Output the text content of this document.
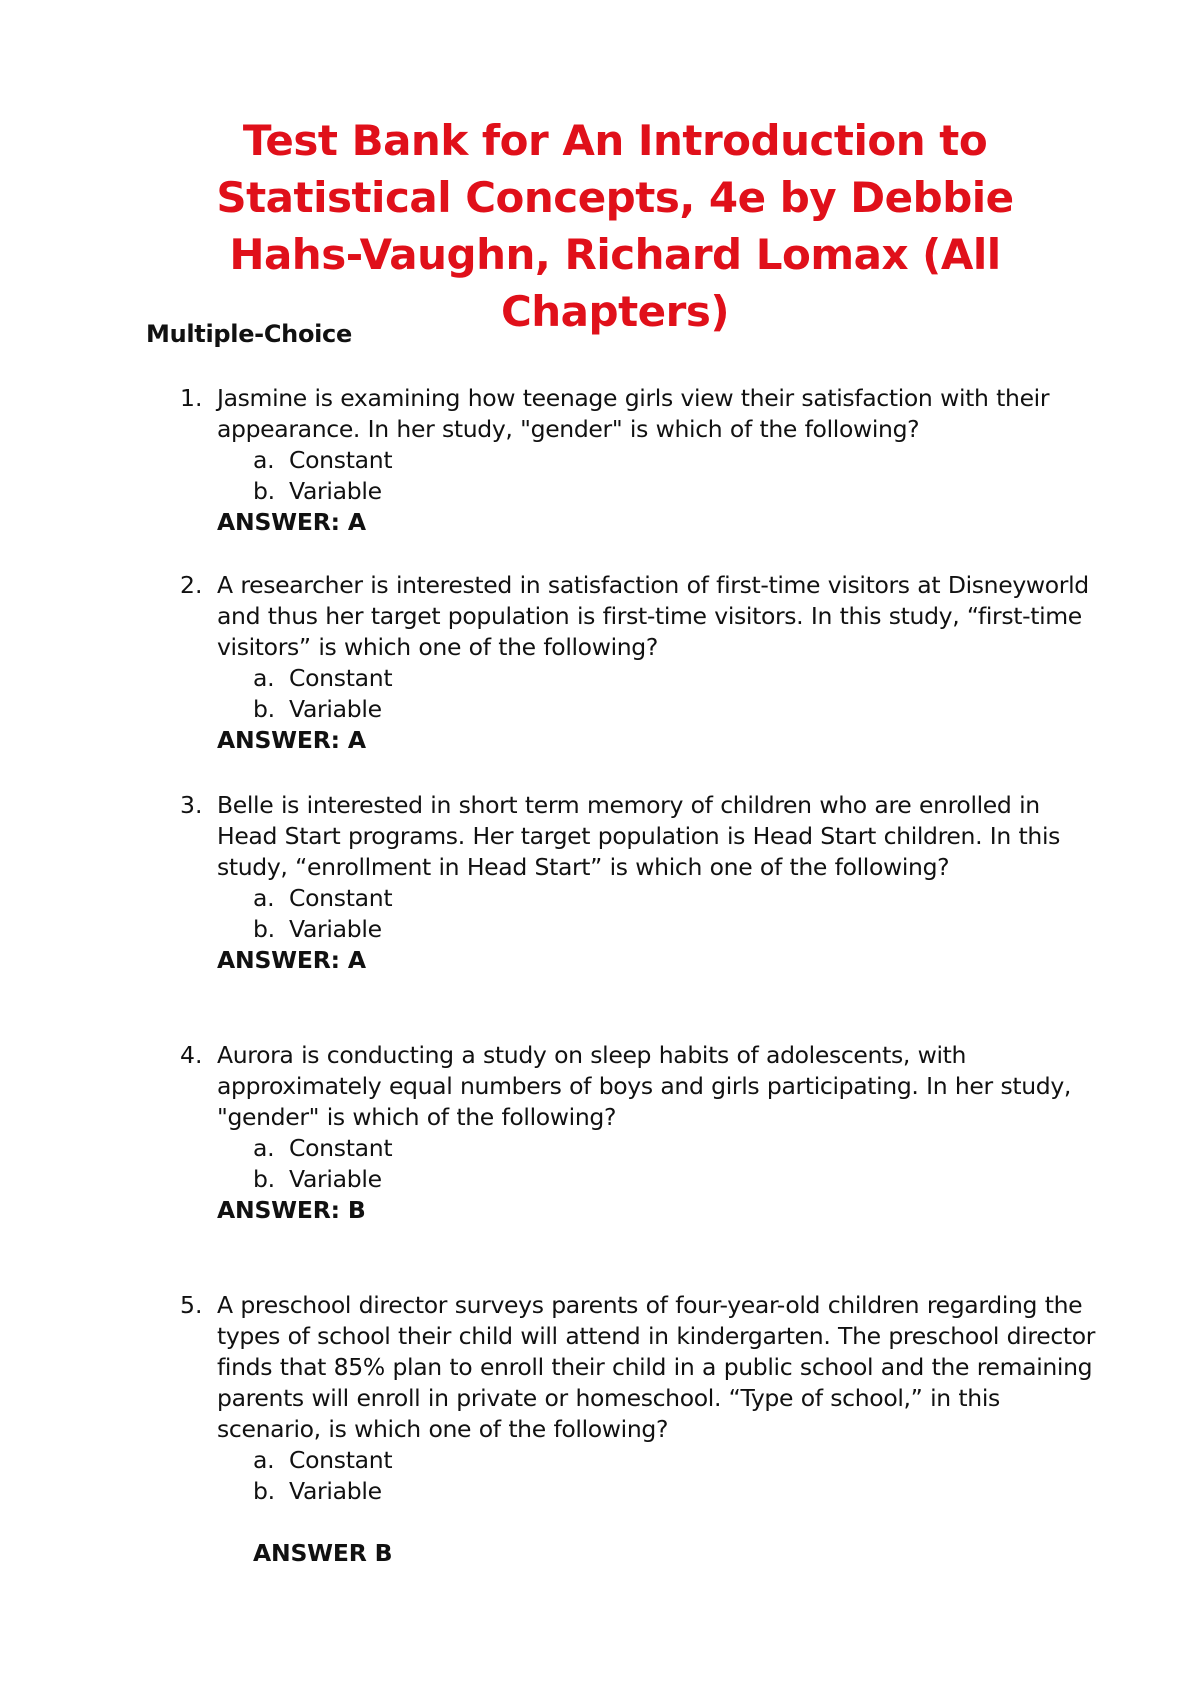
Test Bank for An Introduction to Statistical Concepts, 4e by Debbie Hahs-Vaughn, Richard Lomax (All Chapters)
Multiple-Choice
1. Jasmine is examining how teenage girls view their satisfaction with their appearance. In her study, "gender" is which of the following?

a. Constant
b. Variable
ANSWER: A
2. A researcher is interested in satisfaction of first-time visitors at Disneyworld and thus her target population is first-time visitors. In this study, “first-time visitors” is which one of the following?

a. Constant
b. Variable
ANSWER: A
3. Belle is interested in short term memory of children who are enrolled in Head Start programs. Her target population is Head Start children. In this study, “enrollment in Head Start” is which one of the following?

a. Constant
b. Variable
ANSWER: A
4. Aurora is conducting a study on sleep habits of adolescents, with approximately equal numbers of boys and girls participating. In her study, "gender" is which of the following?

a. Constant
b. Variable
ANSWER: B
5. A preschool director surveys parents of four-year-old children regarding the types of school their child will attend in kindergarten. The preschool director finds that 85% plan to enroll their child in a public school and the remaining parents will enroll in private or homeschool. “Type of school,” in this scenario, is which one of the following?

a. Constant
b. Variable
ANSWER B
